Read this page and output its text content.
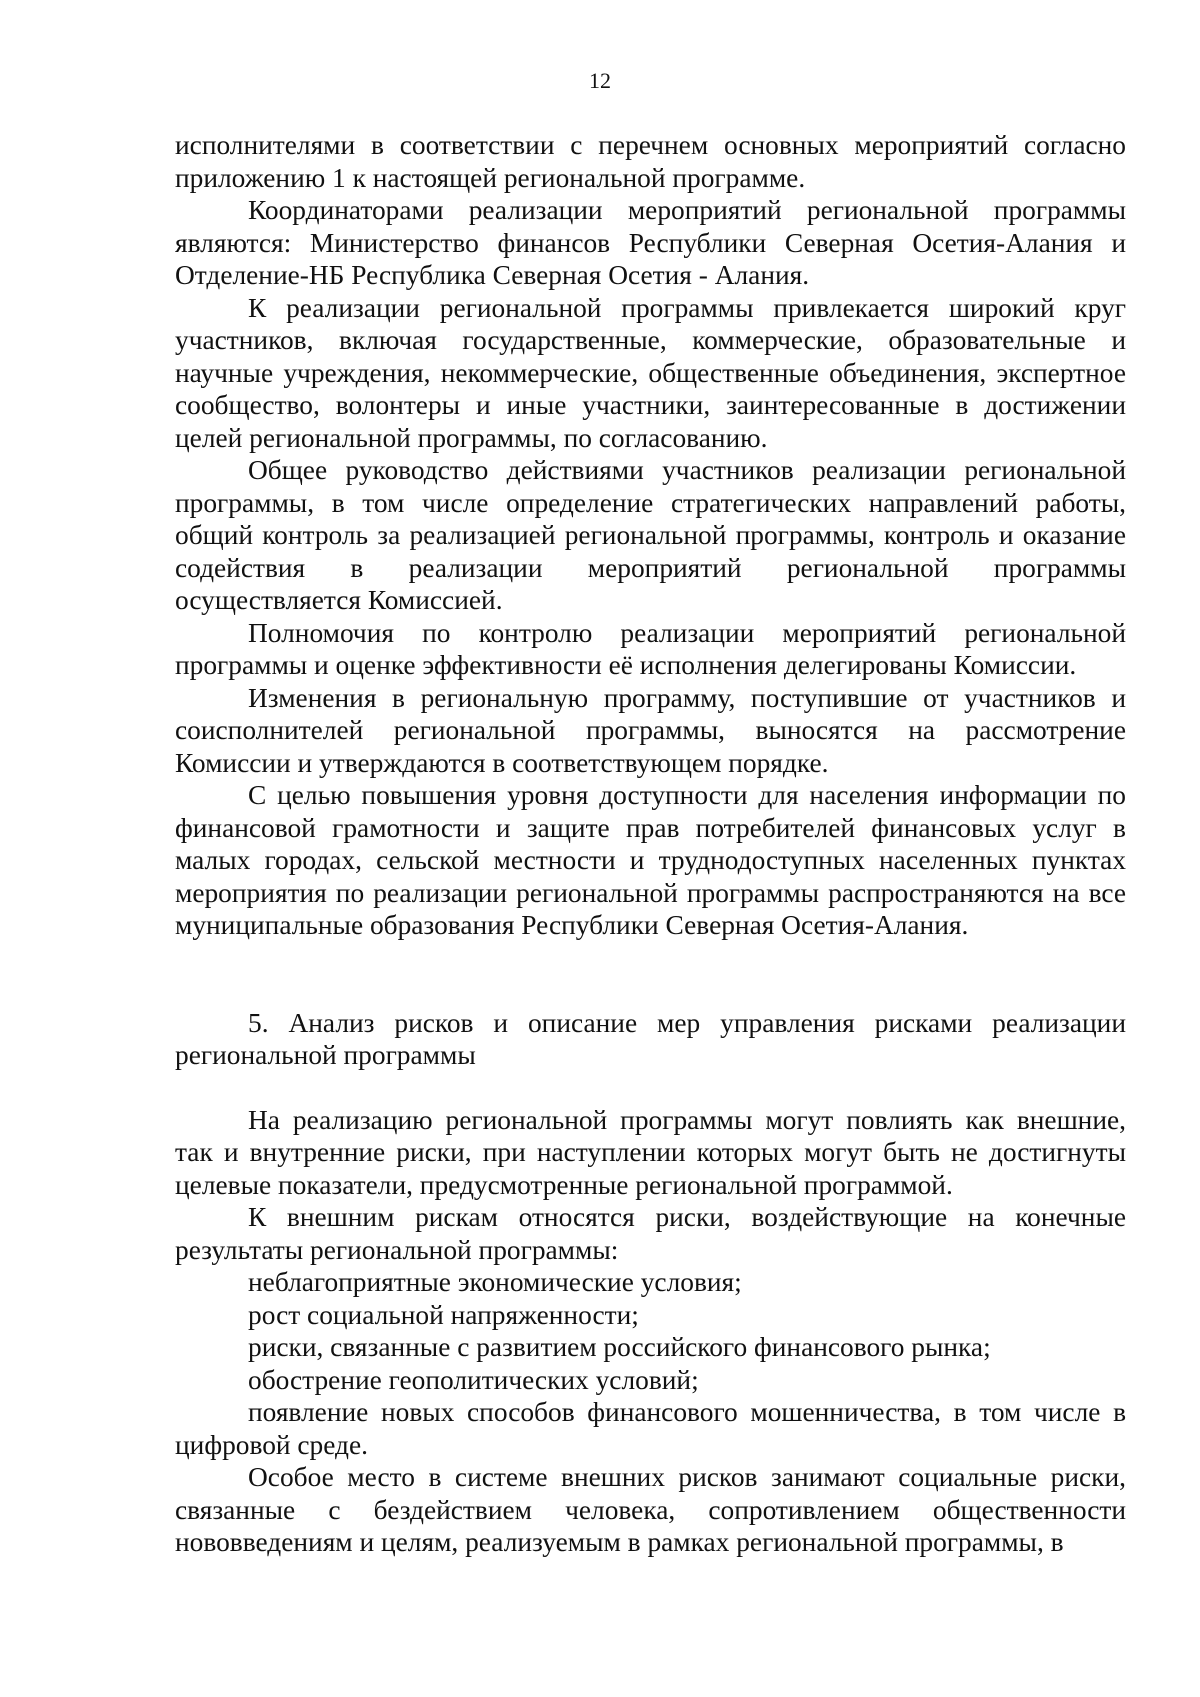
12

исполнителями в соответствии с перечнем основных мероприятий согласно приложению 1 к настоящей региональной программе.

Координаторами реализации мероприятий региональной программы являются: Министерство финансов Республики Северная Осетия-Алания и Отделение-НБ Республика Северная Осетия - Алания.

К реализации региональной программы привлекается широкий круг участников, включая государственные, коммерческие, образовательные и научные учреждения, некоммерческие, общественные объединения, экспертное сообщество, волонтеры и иные участники, заинтересованные в достижении целей региональной программы, по согласованию.

Общее руководство действиями участников реализации региональной программы, в том числе определение стратегических направлений работы, общий контроль за реализацией региональной программы, контроль и оказание содействия в реализации мероприятий региональной программы осуществляется Комиссией.

Полномочия по контролю реализации мероприятий региональной программы и оценке эффективности её исполнения делегированы Комиссии.

Изменения в региональную программу, поступившие от участников и соисполнителей региональной программы, выносятся на рассмотрение Комиссии и утверждаются в соответствующем порядке.

С целью повышения уровня доступности для населения информации по финансовой грамотности и защите прав потребителей финансовых услуг в малых городах, сельской местности и труднодоступных населенных пунктах мероприятия по реализации региональной программы распространяются на все муниципальные образования Республики Северная Осетия-Алания.

5. Анализ рисков и описание мер управления рисками реализации региональной программы

На реализацию региональной программы могут повлиять как внешние, так и внутренние риски, при наступлении которых могут быть не достигнуты целевые показатели, предусмотренные региональной программой.

К внешним рискам относятся риски, воздействующие на конечные результаты региональной программы:

неблагоприятные экономические условия;

рост социальной напряженности;

риски, связанные с развитием российского финансового рынка;

обострение геополитических условий;

появление новых способов финансового мошенничества, в том числе в цифровой среде.

Особое место в системе внешних рисков занимают социальные риски, связанные с бездействием человека, сопротивлением общественности нововведениям и целям, реализуемым в рамках региональной программы, в
